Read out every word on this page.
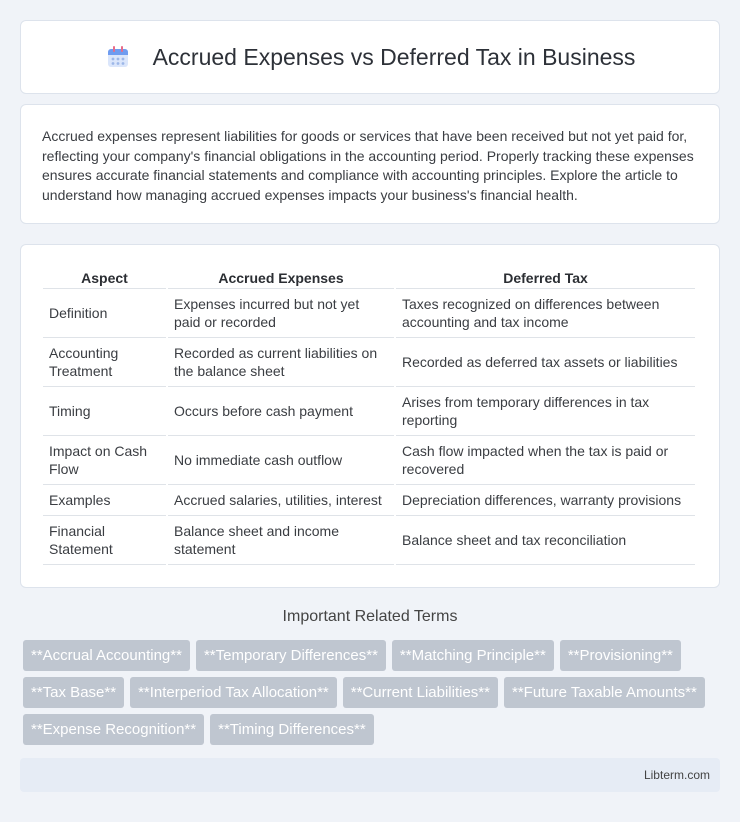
Accrued Expenses vs Deferred Tax in Business

Accrued expenses represent liabilities for goods or services that have been received but not yet paid for, reflecting your company's financial obligations in the accounting period. Properly tracking these expenses ensures accurate financial statements and compliance with accounting principles. Explore the article to understand how managing accrued expenses impacts your business's financial health.

Aspect	Accrued Expenses	Deferred Tax
Definition	Expenses incurred but not yet paid or recorded	Taxes recognized on differences between accounting and tax income
Accounting Treatment	Recorded as current liabilities on the balance sheet	Recorded as deferred tax assets or liabilities
Timing	Occurs before cash payment	Arises from temporary differences in tax reporting
Impact on Cash Flow	No immediate cash outflow	Cash flow impacted when the tax is paid or recovered
Examples	Accrued salaries, utilities, interest	Depreciation differences, warranty provisions
Financial Statement	Balance sheet and income statement	Balance sheet and tax reconciliation
Important Related Terms
**Accrual Accounting**	**Temporary Differences**	**Matching Principle**	**Provisioning**
**Tax Base**	**Interperiod Tax Allocation**	**Current Liabilities**	**Future Taxable Amounts**
**Expense Recognition**	**Timing Differences**
Libterm.com
